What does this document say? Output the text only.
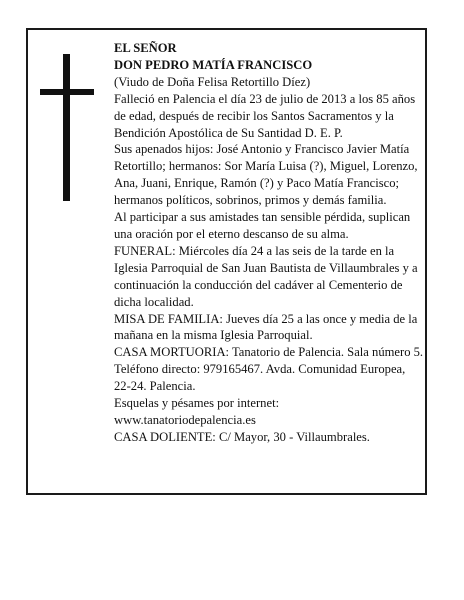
EL SEÑOR

DON PEDRO MATÍA FRANCISCO

(Viudo de Doña Felisa Retortillo Díez)

Falleció en Palencia el día 23 de julio de 2013 a los 85 años de edad, después de recibir los Santos Sacramentos y la Bendición Apostólica de Su Santidad D. E. P.

Sus apenados hijos: José Antonio y Francisco Javier Matía Retortillo; hermanos: Sor María Luisa (?), Miguel, Lorenzo, Ana, Juani, Enrique, Ramón (?) y Paco Matía Francisco; hermanos políticos, sobrinos, primos y demás familia.

Al participar a sus amistades tan sensible pérdida, suplican una oración por el eterno descanso de su alma.

FUNERAL: Miércoles día 24 a las seis de la tarde en la Iglesia Parroquial de San Juan Bautista de Villaumbrales y a continuación la conducción del cadáver al Cementerio de dicha localidad.

MISA DE FAMILIA: Jueves día 25 a las once y media de la mañana en la misma Iglesia Parroquial.

CASA MORTUORIA: Tanatorio de Palencia. Sala número 5. Teléfono directo: 979165467. Avda. Comunidad Europea, 22-24. Palencia.

Esquelas y pésames por internet: www.tanatoriodepalencia.es

CASA DOLIENTE: C/ Mayor, 30 - Villaumbrales.
